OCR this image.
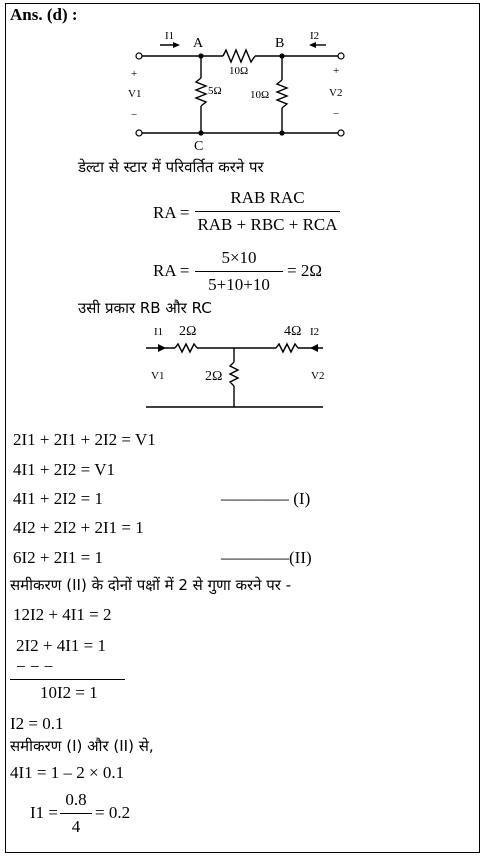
Ans. (d) :
I1	I2
A	B
C
10Ω
5Ω	10Ω
+
V1
−
+
V2
−
डेल्टा से स्टार में परिवर्तित करने पर
RA =
RAB RAC
RAB + RBC + RCA
RA = $\frac{5\times 10}{5+10+10} = 2\Omega$
उसी प्रकार RB और RC
I1 2Ω	4Ω I2
V1	2Ω	V2
2I1 + 2I1 + 2I2 = V1
4I1 + 2I2 = V1
4I1 + 2I2 = 1	———— (I)
4I2 + 2I2 + 2I1 = 1
6I2 + 2I1 = 1	————(II)
समीकरण (II) के दोनों पक्षों में 2 से गुणा करने पर -
12I2 + 4I1 = 2
2I2 + 4I1 = 1
− − −
10I2 = 1
I2 = 0.1
समीकरण (I) और (II) से,
4I1 = 1 – 2 × 0.1
$I1 = \frac{0.8}{4} = 0.2$
